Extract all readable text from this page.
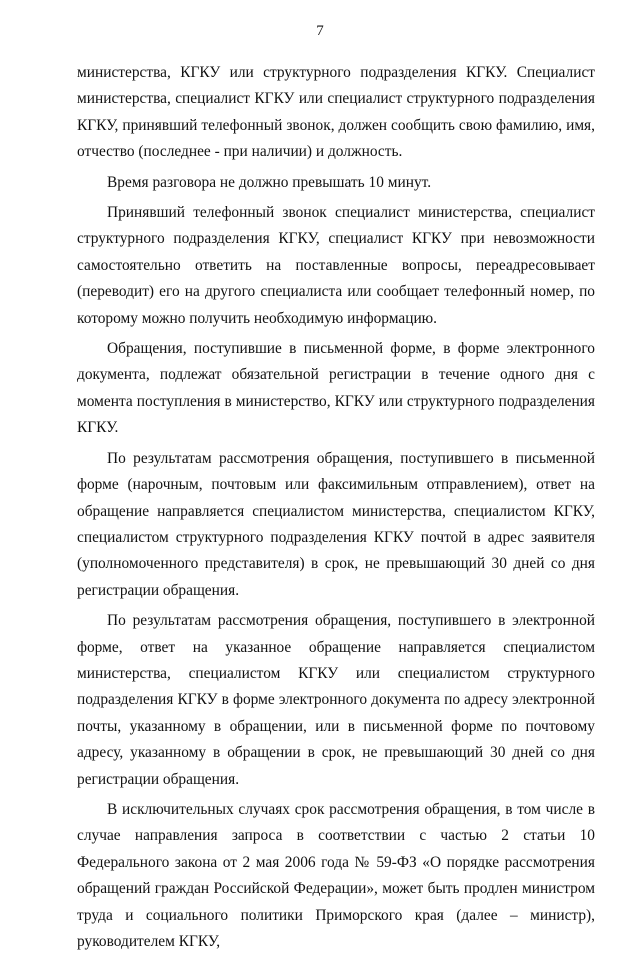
7

министерства, КГКУ или структурного подразделения КГКУ. Специалист министерства, специалист КГКУ или специалист структурного подразделения КГКУ, принявший телефонный звонок, должен сообщить свою фамилию, имя, отчество (последнее - при наличии) и должность.

Время разговора не должно превышать 10 минут.

Принявший телефонный звонок специалист министерства, специалист структурного подразделения КГКУ, специалист КГКУ при невозможности самостоятельно ответить на поставленные вопросы, переадресовывает (переводит) его на другого специалиста или сообщает телефонный номер, по которому можно получить необходимую информацию.

Обращения, поступившие в письменной форме, в форме электронного документа, подлежат обязательной регистрации в течение одного дня с момента поступления в министерство, КГКУ или структурного подразделения КГКУ.

По результатам рассмотрения обращения, поступившего в письменной форме (нарочным, почтовым или факсимильным отправлением), ответ на обращение направляется специалистом министерства, специалистом КГКУ, специалистом структурного подразделения КГКУ почтой в адрес заявителя (уполномоченного представителя) в срок, не превышающий 30 дней со дня регистрации обращения.

По результатам рассмотрения обращения, поступившего в электронной форме, ответ на указанное обращение направляется специалистом министерства, специалистом КГКУ или специалистом структурного подразделения КГКУ в форме электронного документа по адресу электронной почты, указанному в обращении, или в письменной форме по почтовому адресу, указанному в обращении в срок, не превышающий 30 дней со дня регистрации обращения.

В исключительных случаях срок рассмотрения обращения, в том числе в случае направления запроса в соответствии с частью 2 статьи 10 Федерального закона от 2 мая 2006 года № 59-ФЗ «О порядке рассмотрения обращений граждан Российской Федерации», может быть продлен министром труда и социального политики Приморского края (далее – министр), руководителем КГКУ,
